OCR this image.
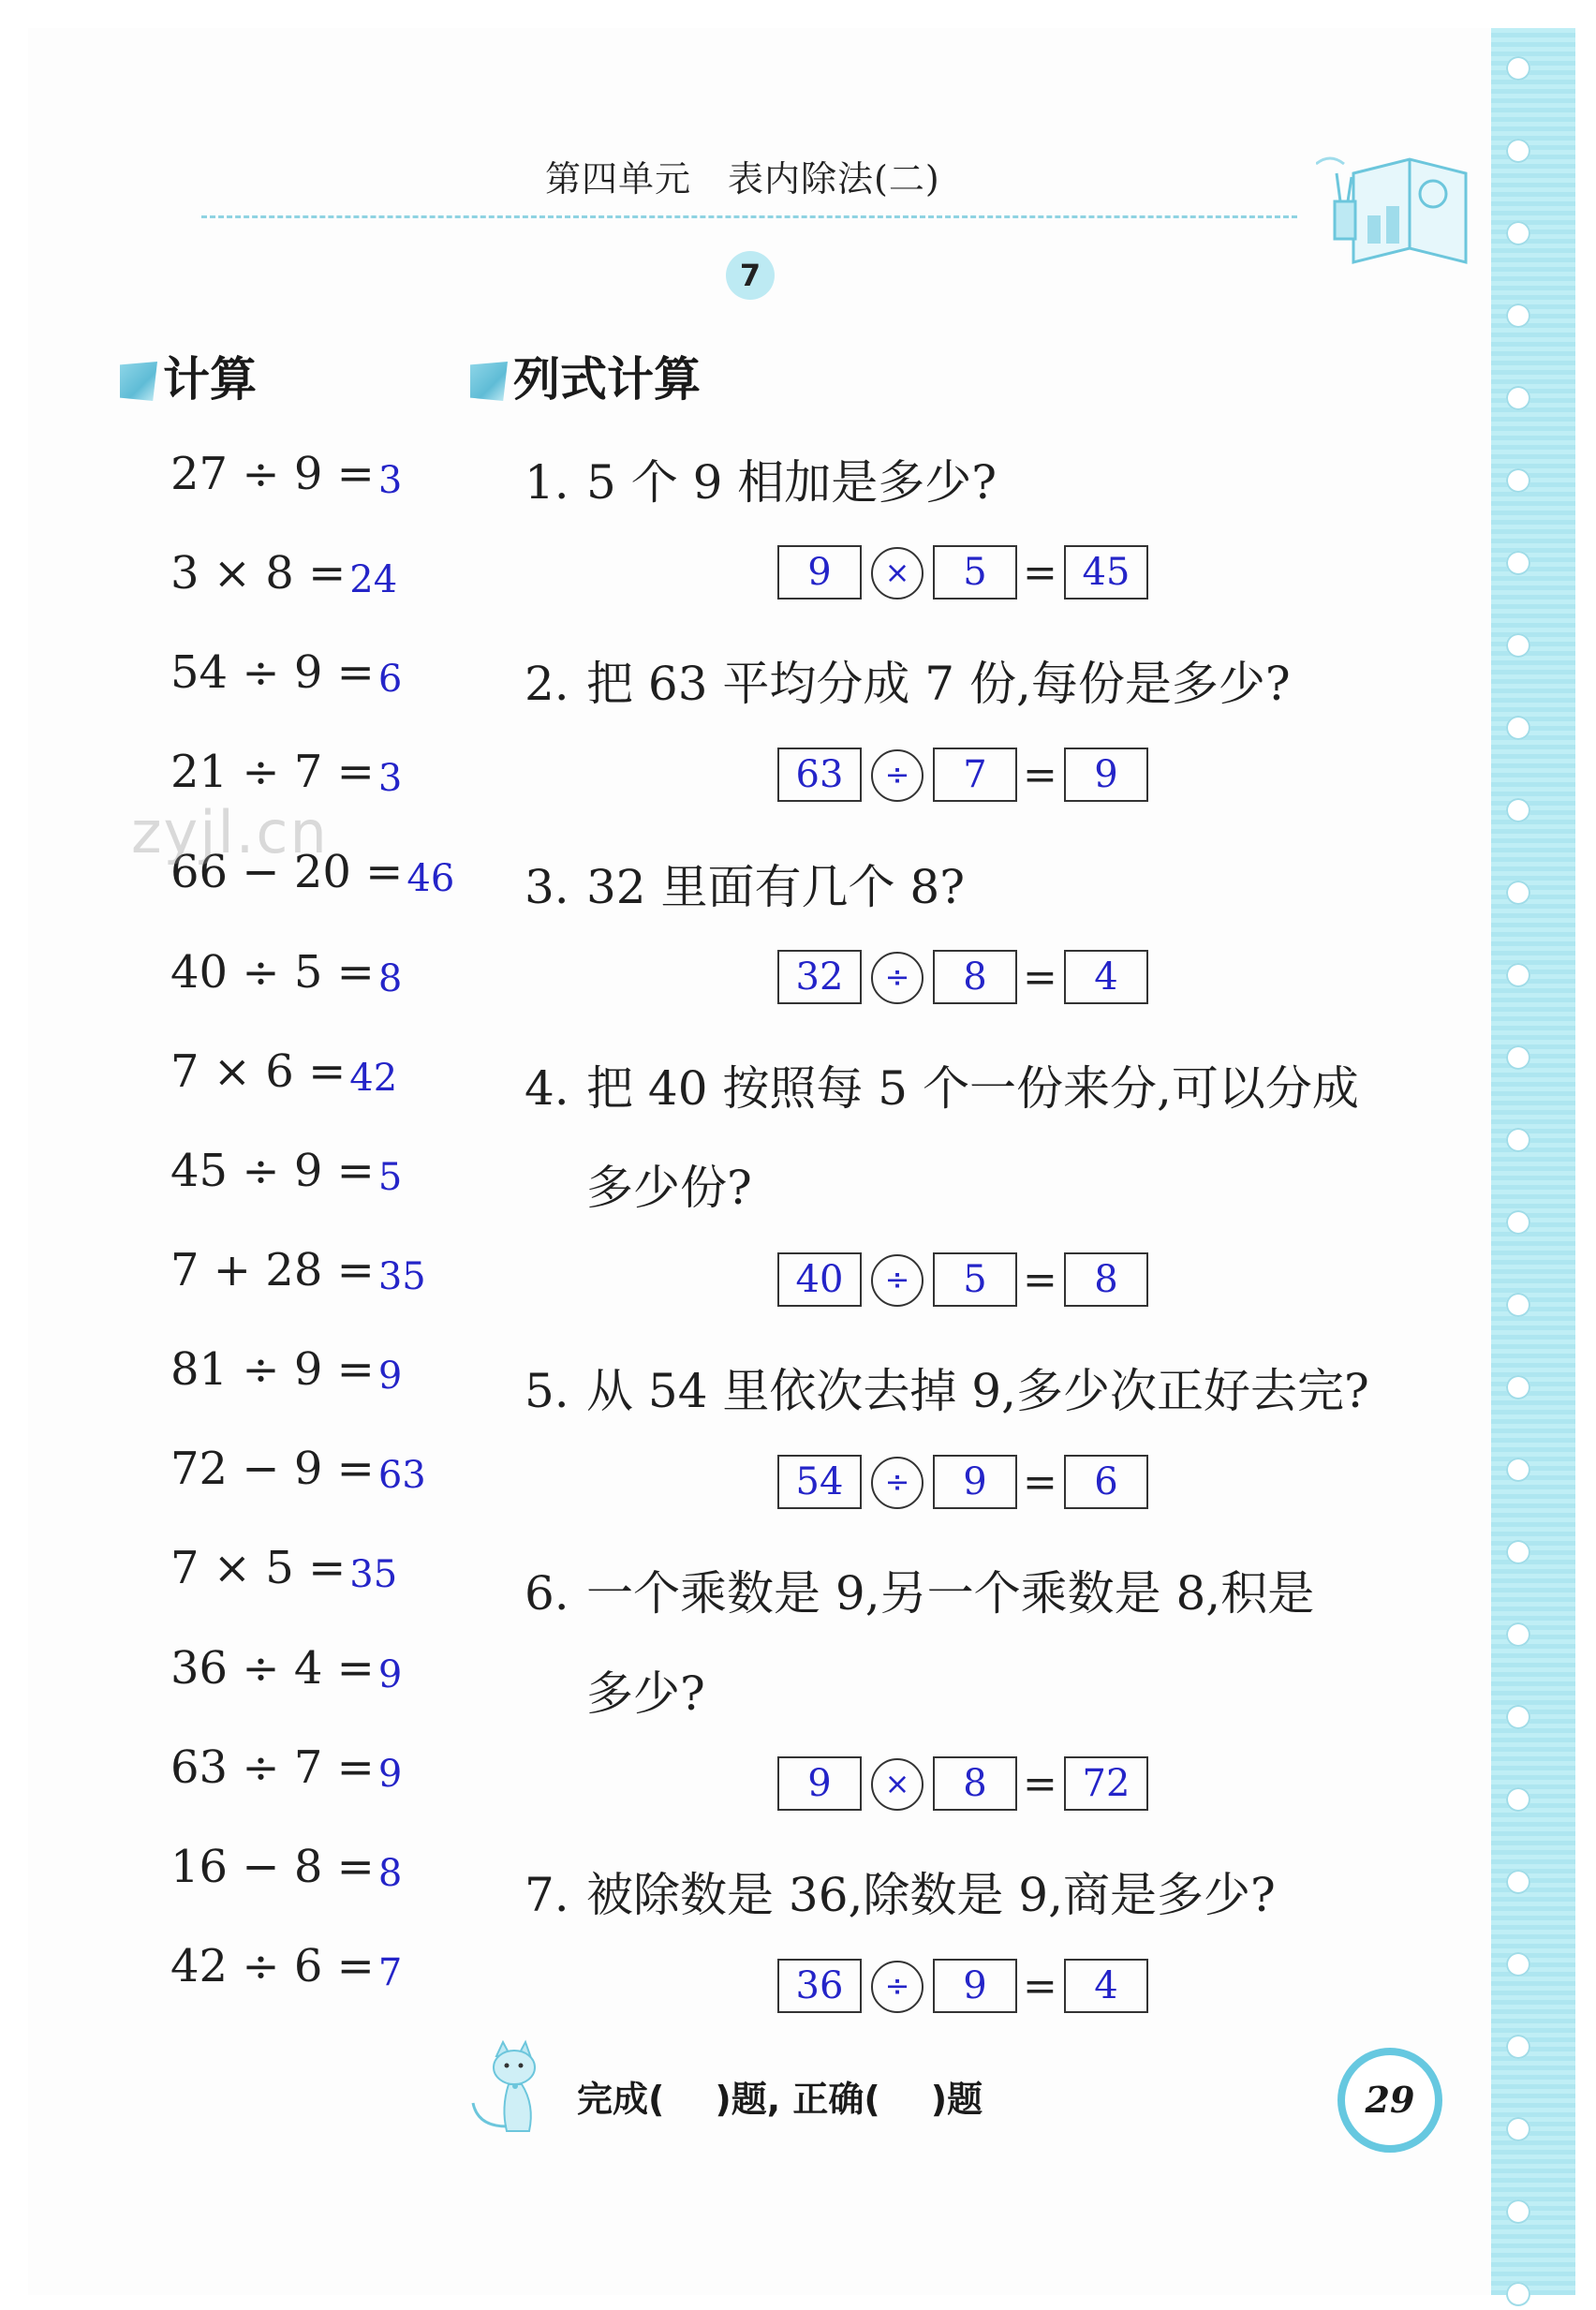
第四单元　表内除法(二)
7
计算	列式计算
27 ÷ 9 = 3
3 × 8 = 24
54 ÷ 9 = 6
21 ÷ 7 = 3
66 − 20 = 46
40 ÷ 5 = 8
7 × 6 = 42
45 ÷ 9 = 5
7 + 28 = 35
81 ÷ 9 = 9
72 − 9 = 63
7 × 5 = 35
36 ÷ 4 = 9
63 ÷ 7 = 9
16 − 8 = 8
42 ÷ 6 = 7
zyjl.cn
1. 5 个 9 相加是多少?
9	×	5 = 45
2. 把 63 平均分成 7 份,每份是多少?
63	÷	7 = 9
3. 32 里面有几个 8?
32	÷	8 = 4
4. 把 40 按照每 5 个一份来分,可以分成
多少份?
40	÷	5 = 8
5. 从 54 里依次去掉 9,多少次正好去完?
54	÷	9 = 6
6. 一个乘数是 9,另一个乘数是 8,积是
多少?
9	×	8 = 72
7. 被除数是 36,除数是 9,商是多少?
36	÷	9 = 4
完成( )题, 正确( )题	29
